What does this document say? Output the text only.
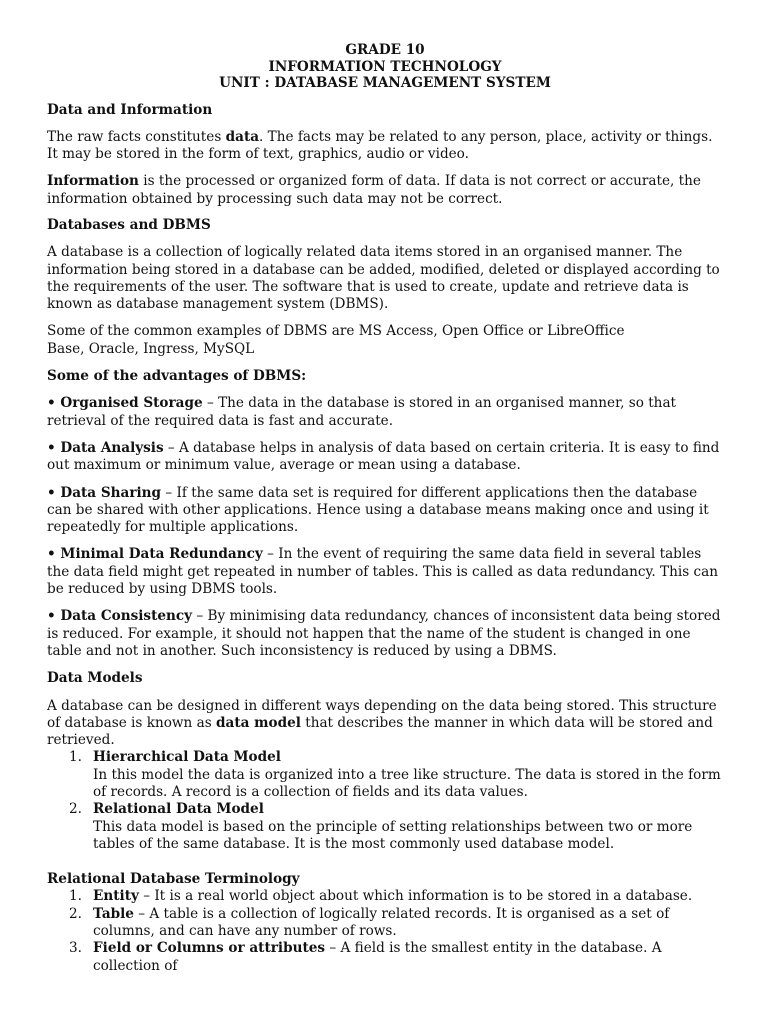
GRADE 10
INFORMATION TECHNOLOGY
UNIT : DATABASE MANAGEMENT SYSTEM
Data and Information

The raw facts constitutes data. The facts may be related to any person, place, activity or things. It may be stored in the form of text, graphics, audio or video.

Information is the processed or organized form of data. If data is not correct or accurate, the information obtained by processing such data may not be correct.

Databases and DBMS

A database is a collection of logically related data items stored in an organised manner. The information being stored in a database can be added, modified, deleted or displayed according to the requirements of the user. The software that is used to create, update and retrieve data is known as database management system (DBMS).

Some of the common examples of DBMS are MS Access, Open Office or LibreOffice
Base, Oracle, Ingress, MySQL

Some of the advantages of DBMS:

• Organised Storage – The data in the database is stored in an organised manner, so that retrieval of the required data is fast and accurate.

• Data Analysis – A database helps in analysis of data based on certain criteria. It is easy to find out maximum or minimum value, average or mean using a database.

• Data Sharing – If the same data set is required for different applications then the database can be shared with other applications. Hence using a database means making once and using it repeatedly for multiple applications.

• Minimal Data Redundancy – In the event of requiring the same data field in several tables the data field might get repeated in number of tables. This is called as data redundancy. This can be reduced by using DBMS tools.

• Data Consistency – By minimising data redundancy, chances of inconsistent data being stored is reduced. For example, it should not happen that the name of the student is changed in one table and not in another. Such inconsistency is reduced by using a DBMS.

Data Models

A database can be designed in different ways depending on the data being stored. This structure of database is known as data model that describes the manner in which data will be stored and retrieved.

1. Hierarchical Data Model
In this model the data is organized into a tree like structure. The data is stored in the form of records. A record is a collection of fields and its data values.
2. Relational Data Model
This data model is based on the principle of setting relationships between two or more tables of the same database. It is the most commonly used database model.
Relational Database Terminology
1. Entity – It is a real world object about which information is to be stored in a database.
2. Table – A table is a collection of logically related records. It is organised as a set of columns, and can have any number of rows.
3. Field or Columns or attributes – A field is the smallest entity in the database. A collection of
